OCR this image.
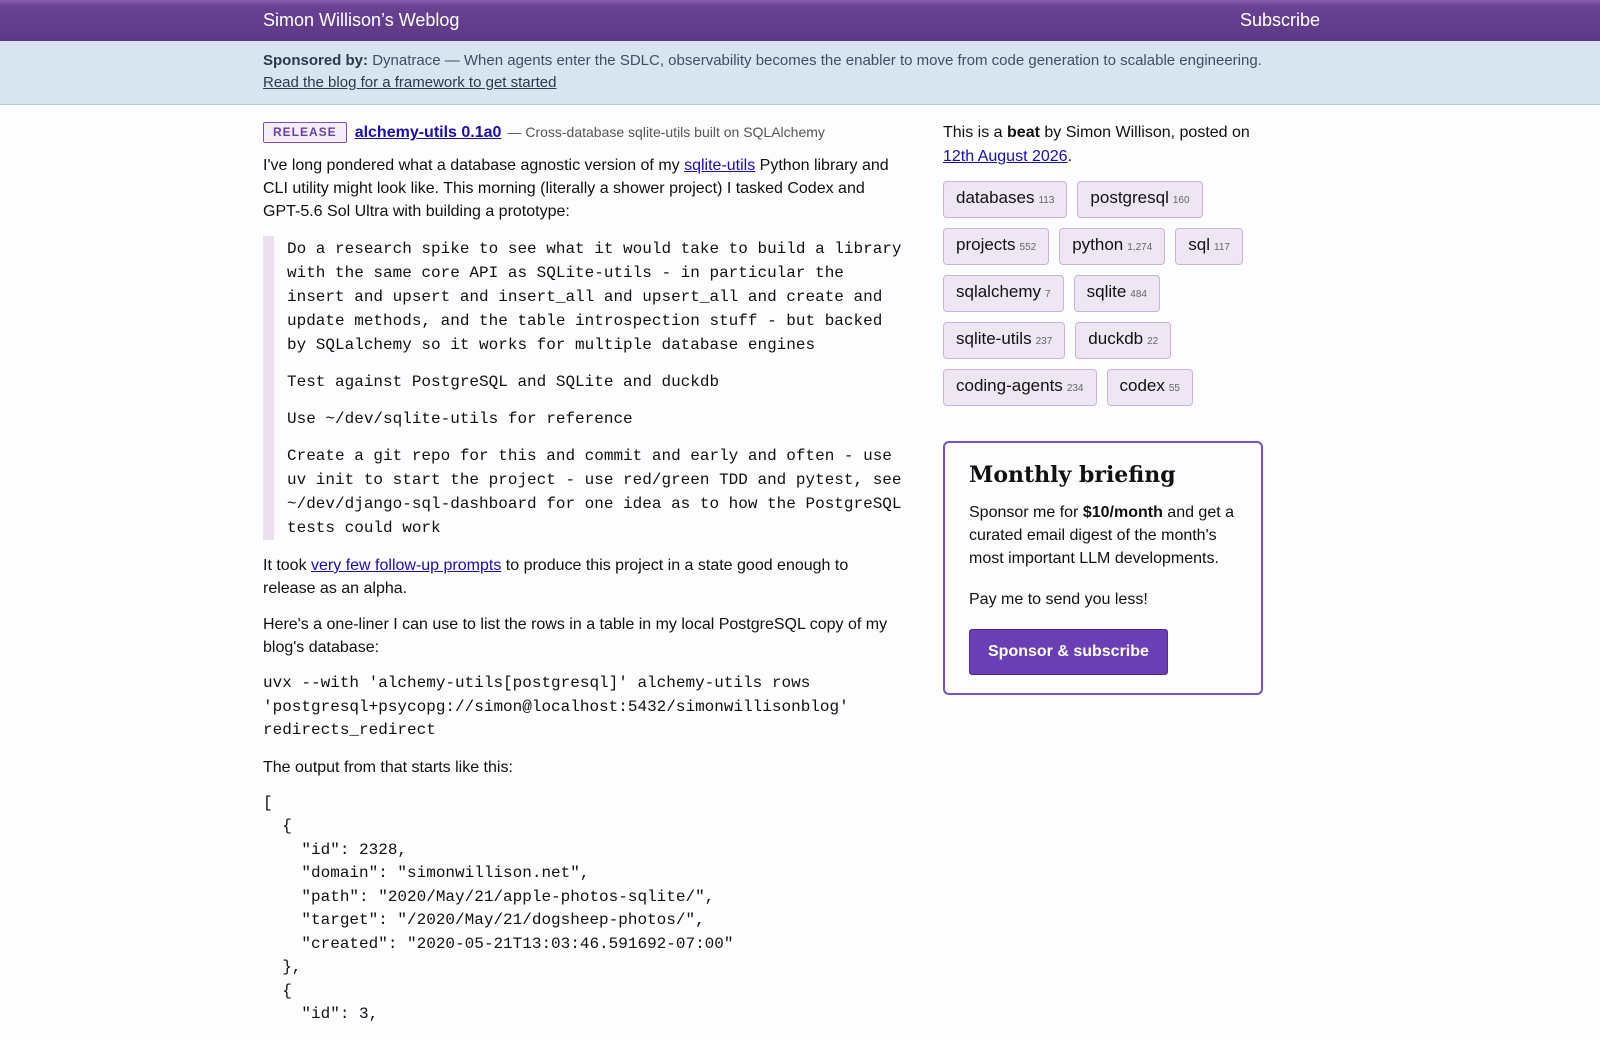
Simon Willison’s Weblog	Subscribe
Sponsored by: Dynatrace — When agents enter the SDLC, observability becomes the enabler to move from code generation to scalable engineering.
Read the blog for a framework to get started
RELEASE	alchemy-utils 0.1a0 — Cross-database sqlite-utils built on SQLAlchemy

I've long pondered what a database agnostic version of my sqlite-utils Python library and CLI utility might look like. This morning (literally a shower project) I tasked Codex and GPT-5.6 Sol Ultra with building a prototype:

Do a research spike to see what it would take to build a library with the same core API as SQLite-utils - in particular the insert and upsert and insert_all and upsert_all and create and update methods, and the table introspection stuff - but backed by SQLalchemy so it works for multiple database engines

Test against PostgreSQL and SQLite and duckdb

Use ~/dev/sqlite-utils for reference

Create a git repo for this and commit and early and often - use uv init to start the project - use red/green TDD and pytest, see ~/dev/django-sql-dashboard for one idea as to how the PostgreSQL tests could work

It took very few follow-up prompts to produce this project in a state good enough to release as an alpha.

Here's a one-liner I can use to list the rows in a table in my local PostgreSQL copy of my blog's database:

uvx --with 'alchemy-utils[postgresql]' alchemy-utils rows
'postgresql+psycopg://simon@localhost:5432/simonwillisonblog'
redirects_redirect

The output from that starts like this:

[
{
"id": 2328,
"domain": "simonwillison.net",
"path": "2020/May/21/apple-photos-sqlite/",
"target": "/2020/May/21/dogsheep-photos/",
"created": "2020-05-21T13:03:46.591692-07:00"
},
{
"id": 3,

This is a beat by Simon Willison, posted on 12th August 2026.

databases 113 postgresql 160
projects 552 python 1,274 sql 117
sqlalchemy 7 sqlite 484
sqlite-utils 237 duckdb 22
coding-agents 234 codex 55
Monthly briefing

Sponsor me for $10/month and get a curated email digest of the month's most important LLM developments.

Pay me to send you less!

Sponsor & subscribe
